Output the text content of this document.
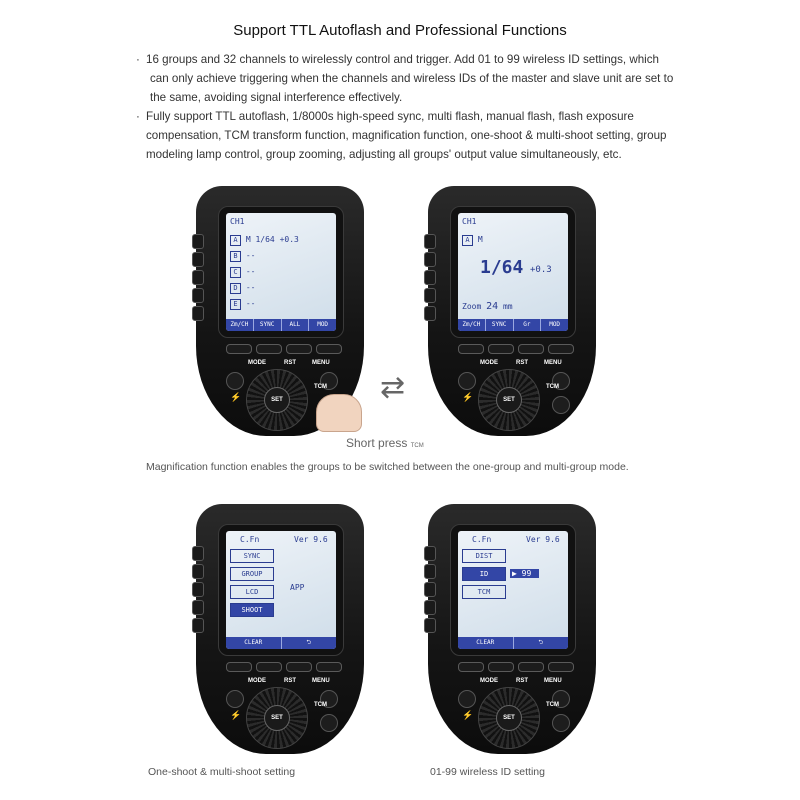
Support TTL Autoflash and Professional Functions
· 16 groups and 32 channels to wirelessly control and trigger. Add 01 to 99 wireless ID settings, which
can only achieve triggering when the channels and wireless IDs of the master and slave unit are set to
the same, avoiding signal interference effectively.
· Fully support TTL autoflash, 1/8000s high-speed sync, multi flash, manual flash, flash exposure
compensation, TCM transform function, magnification function, one-shoot & multi-shoot setting, group
modeling lamp control, group zooming, adjusting all groups' output value simultaneously, etc.
CH1
A M 1/64 +0.3
B --
C --
D --
E --
Zm/CH	SYNC	ALL	MOD
MODE	RST	MENU
⚡
TCM
SET
CH1
A M
1/64 +0.3
Zoom 24 mm
Zm/CH	SYNC	Gr	MOD
MODE	RST	MENU
⚡
TCM
SET
⇄
Short press TCM
Magnification function enables the groups to be switched between the one-group and multi-group mode.
C.Fn	Ver 9.6
SYNC
GROUP
LCD
SHOOT
APP
CLEAR	⮌
MODE	RST	MENU
⚡
TCM
SET
C.Fn	Ver 9.6
DIST
ID
TCM
▶ 99
CLEAR	⮌
MODE	RST	MENU
⚡
TCM
SET
One-shoot & multi-shoot setting	01-99 wireless ID setting
